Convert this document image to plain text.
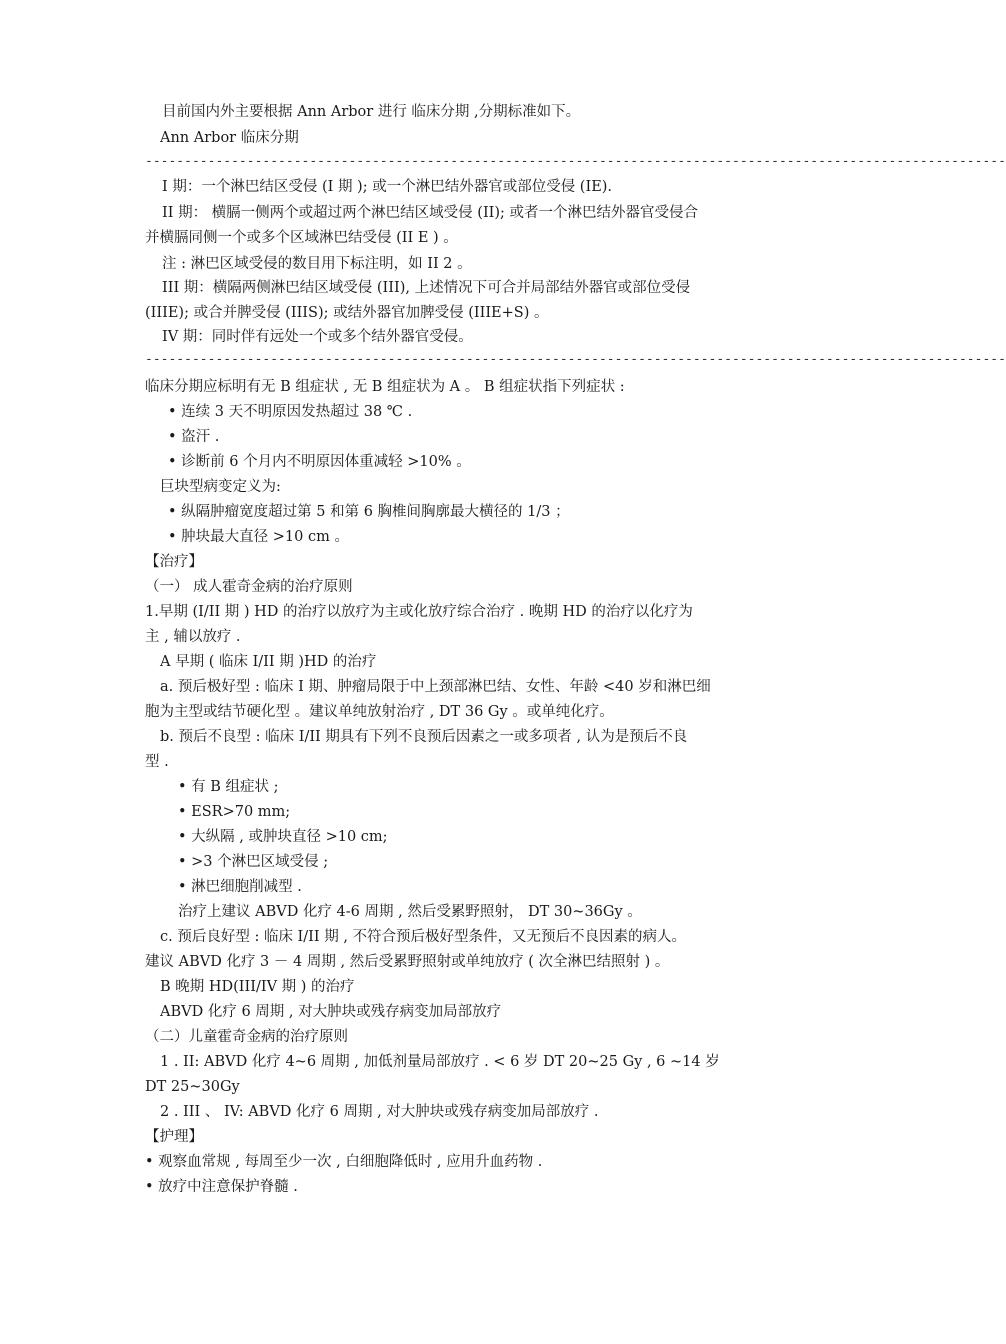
目前国内外主要根据 Ann Arbor 进行 临床分期 ,分期标准如下。
Ann Arbor 临床分期
--------------------------------------------------------------------------------------------------------------
I 期：一个淋巴结区受侵 (I 期 ); 或一个淋巴结外器官或部位受侵 (IE).
II 期： 横膈一侧两个或超过两个淋巴结区域受侵 (II); 或者一个淋巴结外器官受侵合
并横膈同侧一个或多个区域淋巴结受侵 (II E ) 。
注 : 淋巴区域受侵的数目用下标注明，如 II 2 。
III 期：横隔两侧淋巴结区域受侵 (III), 上述情况下可合并局部结外器官或部位受侵
(IIIE); 或合并脾受侵 (IIIS); 或结外器官加脾受侵 (IIIE+S) 。
IV 期：同时伴有远处一个或多个结外器官受侵。
--------------------------------------------------------------------------------------------------------------
临床分期应标明有无 B 组症状 , 无 B 组症状为 A 。 B 组症状指下列症状 :
• 连续 3 天不明原因发热超过 38 ℃ .
• 盗汗 .
• 诊断前 6 个月内不明原因体重减轻 >10% 。
巨块型病变定义为:
• 纵隔肿瘤宽度超过第 5 和第 6 胸椎间胸廓最大横径的 1/3 ；
• 肿块最大直径 >10 cm 。
【治疗】
（一） 成人霍奇金病的治疗原则
1.早期 (I/II 期 ) HD 的治疗以放疗为主或化放疗综合治疗 . 晚期 HD 的治疗以化疗为
主 , 辅以放疗 .
A 早期 ( 临床 I/II 期 )HD 的治疗
a. 预后极好型 : 临床 I 期、肿瘤局限于中上颈部淋巴结、女性、年龄 <40 岁和淋巴细
胞为主型或结节硬化型 。建议单纯放射治疗 , DT 36 Gy 。或单纯化疗。
b. 预后不良型 : 临床 I/II 期具有下列不良预后因素之一或多项者 , 认为是预后不良
型 .
• 有 B 组症状 ;
• ESR>70 mm;
• 大纵隔 , 或肿块直径 >10 cm;
• >3 个淋巴区域受侵 ;
• 淋巴细胞削减型 .
治疗上建议 ABVD 化疗 4-6 周期 , 然后受累野照射， DT 30~36Gy 。
c. 预后良好型 : 临床 I/II 期 , 不符合预后极好型条件，又无预后不良因素的病人。
建议 ABVD 化疗 3 － 4 周期 , 然后受累野照射或单纯放疗 ( 次全淋巴结照射 ) 。
B 晚期 HD(III/IV 期 ) 的治疗
ABVD 化疗 6 周期 , 对大肿块或残存病变加局部放疗
（二）儿童霍奇金病的治疗原则
1 . II: ABVD 化疗 4~6 周期 , 加低剂量局部放疗 . < 6 岁 DT 20~25 Gy , 6 ~14 岁
DT 25~30Gy
2 . III 、 IV: ABVD 化疗 6 周期 , 对大肿块或残存病变加局部放疗 .
【护理】
• 观察血常规 , 每周至少一次 , 白细胞降低时 , 应用升血药物 .
• 放疗中注意保护脊髓 .
